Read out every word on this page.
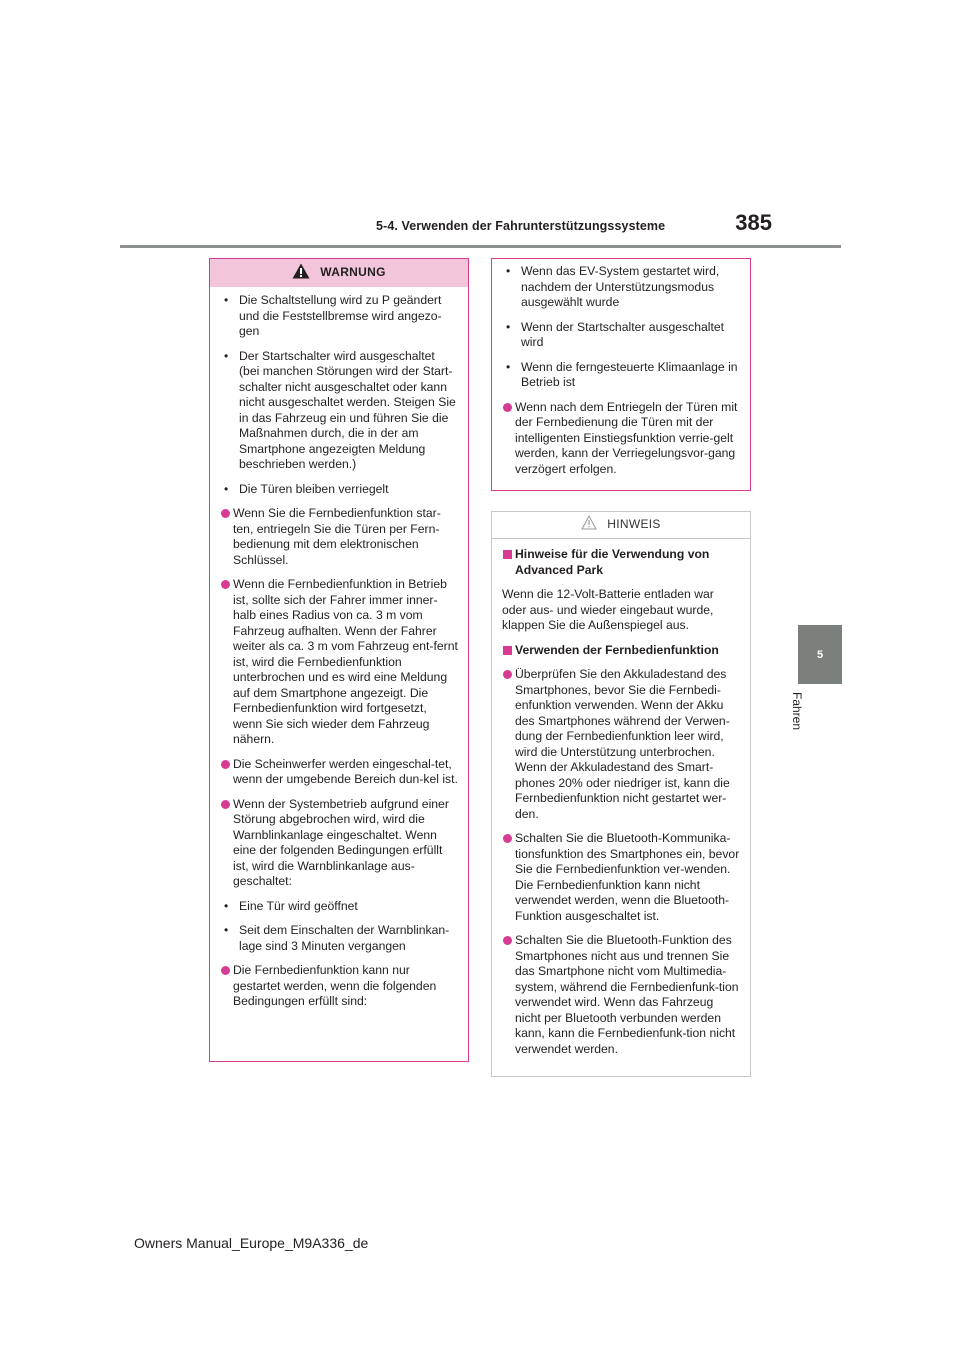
385
5-4. Verwenden der Fahrunterstützungssysteme
5
Fahren
WARNUNG
• Die Schaltstellung wird zu P geändert und die Feststellbremse wird angezo-gen
• Der Startschalter wird ausgeschaltet (bei manchen Störungen wird der Start-schalter nicht ausgeschaltet oder kann nicht ausgeschaltet werden. Steigen Sie in das Fahrzeug ein und führen Sie die Maßnahmen durch, die in der am Smartphone angezeigten Meldung beschrieben werden.)
• Die Türen bleiben verriegelt
Wenn Sie die Fernbedienfunktion star-ten, entriegeln Sie die Türen per Fern-bedienung mit dem elektronischen Schlüssel.
Wenn die Fernbedienfunktion in Betrieb ist, sollte sich der Fahrer immer inner-halb eines Radius von ca. 3 m vom Fahrzeug aufhalten. Wenn der Fahrer weiter als ca. 3 m vom Fahrzeug ent-fernt ist, wird die Fernbedienfunktion unterbrochen und es wird eine Meldung auf dem Smartphone angezeigt. Die Fernbedienfunktion wird fortgesetzt, wenn Sie sich wieder dem Fahrzeug nähern.
Die Scheinwerfer werden eingeschal-tet, wenn der umgebende Bereich dun-kel ist.
Wenn der Systembetrieb aufgrund einer Störung abgebrochen wird, wird die Warnblinkanlage eingeschaltet. Wenn eine der folgenden Bedingungen erfüllt ist, wird die Warnblinkanlage aus-geschaltet:
• Eine Tür wird geöffnet
• Seit dem Einschalten der Warnblinkan-lage sind 3 Minuten vergangen
Die Fernbedienfunktion kann nur gestartet werden, wenn die folgenden Bedingungen erfüllt sind:
• Wenn das EV-System gestartet wird, nachdem der Unterstützungsmodus ausgewählt wurde
• Wenn der Startschalter ausgeschaltet wird
• Wenn die ferngesteuerte Klimaanlage in Betrieb ist
Wenn nach dem Entriegeln der Türen mit der Fernbedienung die Türen mit der intelligenten Einstiegsfunktion verrie-gelt werden, kann der Verriegelungsvor-gang verzögert erfolgen.
HINWEIS
Hinweise für die Verwendung von Advanced Park
Wenn die 12-Volt-Batterie entladen war oder aus- und wieder eingebaut wurde, klappen Sie die Außenspiegel aus.
Verwenden der Fernbedienfunktion
Überprüfen Sie den Akkuladestand des Smartphones, bevor Sie die Fernbedi-enfunktion verwenden. Wenn der Akku des Smartphones während der Verwen-dung der Fernbedienfunktion leer wird, wird die Unterstützung unterbrochen. Wenn der Akkuladestand des Smart-phones 20% oder niedriger ist, kann die Fernbedienfunktion nicht gestartet wer-den.
Schalten Sie die Bluetooth-Kommunika-tionsfunktion des Smartphones ein, bevor Sie die Fernbedienfunktion ver-wenden. Die Fernbedienfunktion kann nicht verwendet werden, wenn die Bluetooth-Funktion ausgeschaltet ist.
Schalten Sie die Bluetooth-Funktion des Smartphones nicht aus und trennen Sie das Smartphone nicht vom Multimedia-system, während die Fernbedienfunk-tion verwendet wird. Wenn das Fahrzeug nicht per Bluetooth verbunden werden kann, kann die Fernbedienfunk-tion nicht verwendet werden.
Owners Manual_Europe_M9A336_de
